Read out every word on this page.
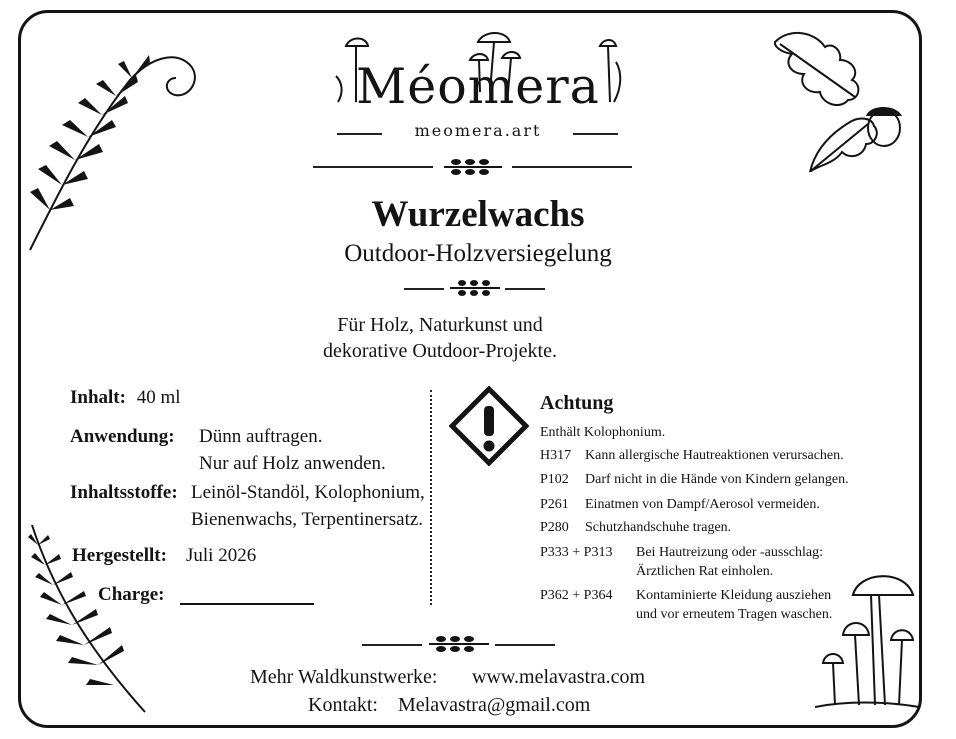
Méomera
meomera.art
Wurzelwachs
Outdoor-Holzversiegelung
Für Holz, Naturkunst und
dekorative Outdoor-Projekte.
Inhalt: 40 ml
Anwendung: Dünn auftragen.
Nur auf Holz anwenden.
Inhaltsstoffe: Leinöl-Standöl, Kolophonium,
Bienenwachs, Terpentinersatz.
Hergestellt: Juli 2026
Charge:
Achtung
Enthält Kolophonium.
H317 Kann allergische Hautreaktionen verursachen.
P102 Darf nicht in die Hände von Kindern gelangen.
P261 Einatmen von Dampf/Aerosol vermeiden.
P280 Schutzhandschuhe tragen.
P333 + P313 Bei Hautreizung oder -ausschlag:
Ärztlichen Rat einholen.
P362 + P364 Kontaminierte Kleidung ausziehen
und vor erneutem Tragen waschen.
Mehr Waldkunstwerke: www.melavastra.com
Kontakt: Melavastra@gmail.com
